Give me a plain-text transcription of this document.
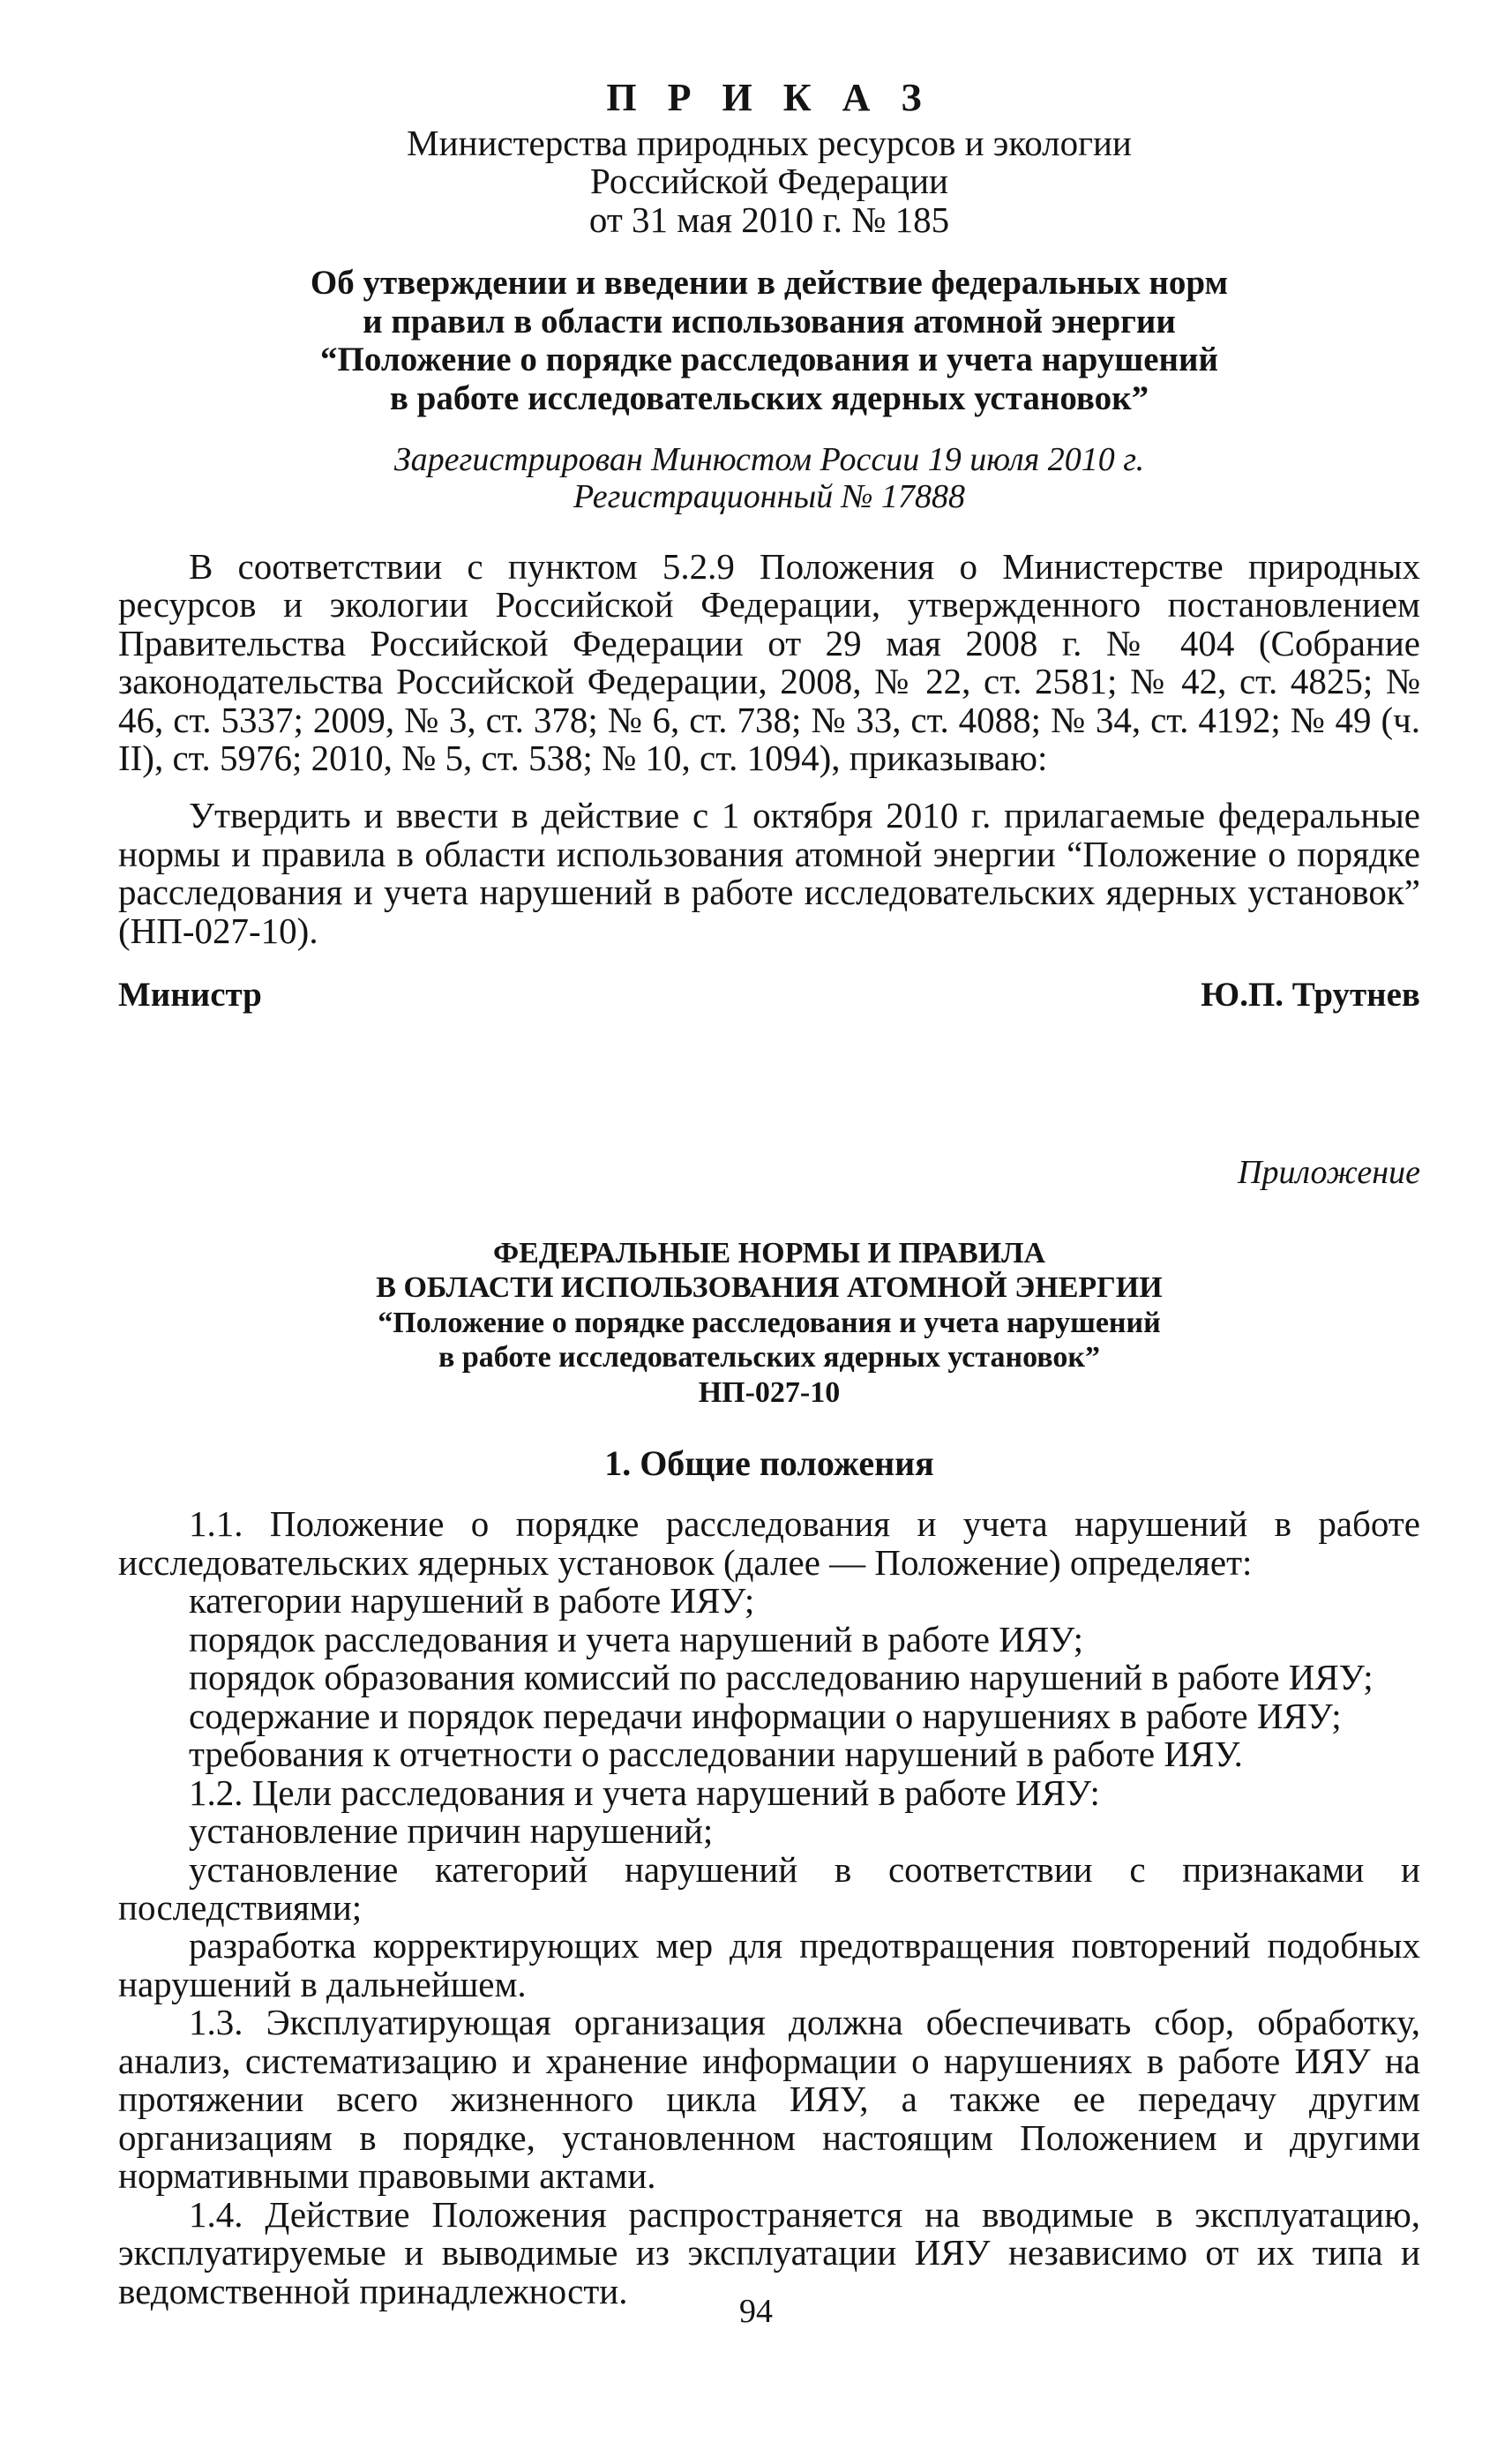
П Р И К А З
Министерства природных ресурсов и экологии
Российской Федерации
от 31 мая 2010 г. № 185
Об утверждении и введении в действие федеральных норм
и правил в области использования атомной энергии
“Положение о порядке расследования и учета нарушений
в работе исследовательских ядерных установок”
Зарегистрирован Минюстом России 19 июля 2010 г.
Регистрационный № 17888

В соответствии с пунктом 5.2.9 Положения о Министерстве природных ресурсов и экологии Российской Федерации, утвержденного постановлением Правительства Российской Федерации от 29 мая 2008 г. № 404 (Собрание законодательства Российской Федерации, 2008, № 22, ст. 2581; № 42, ст. 4825; № 46, ст. 5337; 2009, № 3, ст. 378; № 6, ст. 738; № 33, ст. 4088; № 34, ст. 4192; № 49 (ч. II), ст. 5976; 2010, № 5, ст. 538; № 10, ст. 1094), приказываю:

Утвердить и ввести в действие с 1 октября 2010 г. прилагаемые федеральные нормы и правила в области использования атомной энергии “Положение о порядке расследования и учета нарушений в работе исследовательских ядерных установок” (НП-027-10).

Министр	Ю.П. Трутнев
Приложение
ФЕДЕРАЛЬНЫЕ НОРМЫ И ПРАВИЛА
В ОБЛАСТИ ИСПОЛЬЗОВАНИЯ АТОМНОЙ ЭНЕРГИИ
“Положение о порядке расследования и учета нарушений
в работе исследовательских ядерных установок”
НП-027-10
1. Общие положения

1.1. Положение о порядке расследования и учета нарушений в работе исследовательских ядерных установок (далее — Положение) определяет:

категории нарушений в работе ИЯУ;

порядок расследования и учета нарушений в работе ИЯУ;

порядок образования комиссий по расследованию нарушений в работе ИЯУ;

содержание и порядок передачи информации о нарушениях в работе ИЯУ;

требования к отчетности о расследовании нарушений в работе ИЯУ.

1.2. Цели расследования и учета нарушений в работе ИЯУ:

установление причин нарушений;

установление категорий нарушений в соответствии с признаками и последствиями;

разработка корректирующих мер для предотвращения повторений подобных нарушений в дальнейшем.

1.3. Эксплуатирующая организация должна обеспечивать сбор, обработку, анализ, систематизацию и хранение информации о нарушениях в работе ИЯУ на протяжении всего жизненного цикла ИЯУ, а также ее передачу другим организациям в порядке, установленном настоящим Положением и другими нормативными правовыми актами.

1.4. Действие Положения распространяется на вводимые в эксплуатацию, эксплуатируемые и выводимые из эксплуатации ИЯУ независимо от их типа и ведомственной принадлежности.

94
